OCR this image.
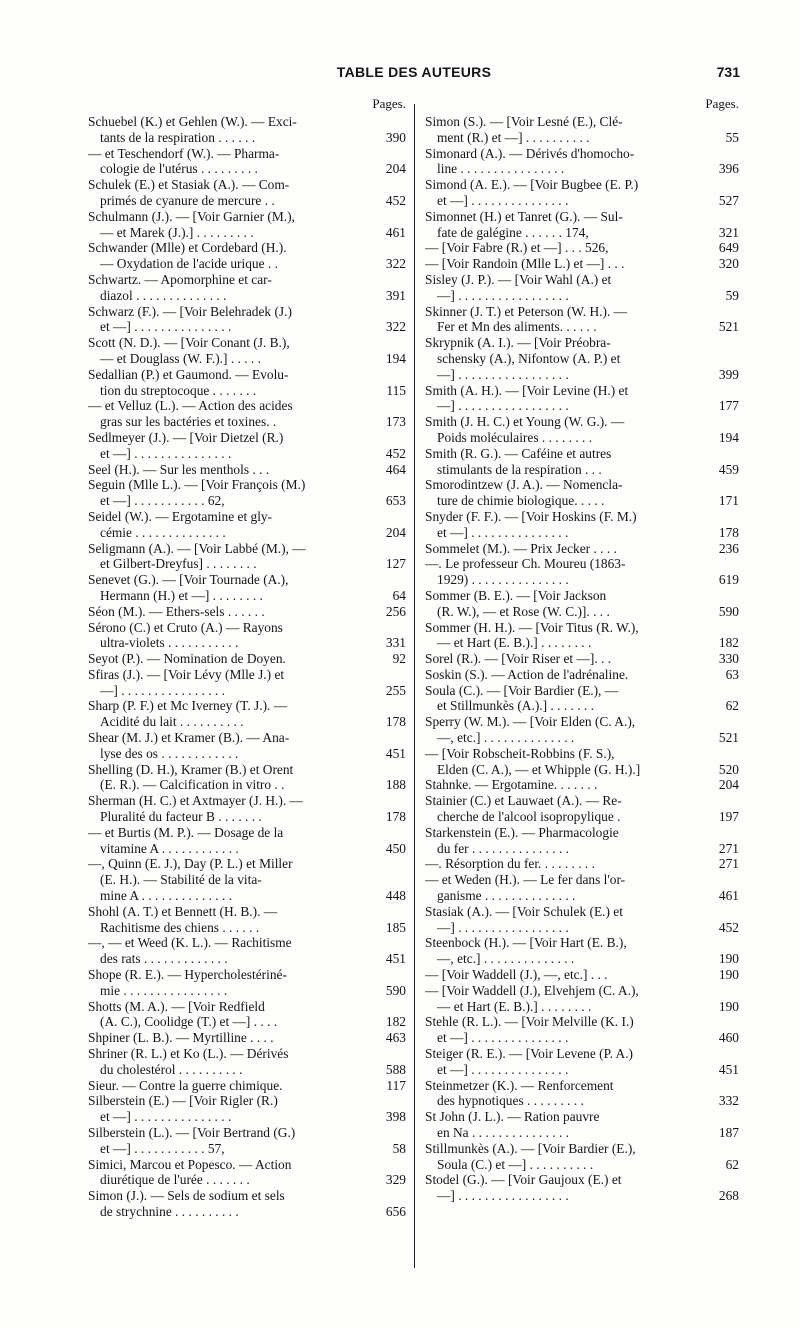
TABLE DES AUTEURS	731
Pages.
Schuebel (K.) et Gehlen (W.). — Exci-
tants de la respiration . . . . . .	390
— et Teschendorf (W.). — Pharma-
cologie de l'utérus . . . . . . . . .	204
Schulek (E.) et Stasiak (A.). — Com-
primés de cyanure de mercure . .	452
Schulmann (J.). — [Voir Garnier (M.),
— et Marek (J.).] . . . . . . . . .	461
Schwander (Mlle) et Cordebard (H.).
— Oxydation de l'acide urique . .	322
Schwartz. — Apomorphine et car-
diazol . . . . . . . . . . . . . .	391
Schwarz (F.). — [Voir Belehradek (J.)
et —] . . . . . . . . . . . . . . .	322
Scott (N. D.). — [Voir Conant (J. B.),
— et Douglass (W. F.).] . . . . .	194
Sedallian (P.) et Gaumond. — Evolu-
tion du streptocoque . . . . . . .	115
— et Velluz (L.). — Action des acides
gras sur les bactéries et toxines. .	173
Sedlmeyer (J.). — [Voir Dietzel (R.)
et —] . . . . . . . . . . . . . . .	452
Seel (H.). — Sur les menthols . . .	464
Seguin (Mlle L.). — [Voir François (M.)
et —] . . . . . . . . . . . 62,	653
Seidel (W.). — Ergotamine et gly-
cémie . . . . . . . . . . . . . .	204
Seligmann (A.). — [Voir Labbé (M.), —
et Gilbert-Dreyfus] . . . . . . . .	127
Senevet (G.). — [Voir Tournade (A.),
Hermann (H.) et —] . . . . . . . .	64
Séon (M.). — Ethers-sels . . . . . .	256
Sérono (C.) et Cruto (A.) — Rayons
ultra-violets . . . . . . . . . . .	331
Seyot (P.). — Nomination de Doyen.	92
Sfiras (J.). — [Voir Lévy (Mlle J.) et
—] . . . . . . . . . . . . . . . .	255
Sharp (P. F.) et Mc Iverney (T. J.). —
Acidité du lait . . . . . . . . . .	178
Shear (M. J.) et Kramer (B.). — Ana-
lyse des os . . . . . . . . . . . .	451
Shelling (D. H.), Kramer (B.) et Orent
(E. R.). — Calcification in vitro . .	188
Sherman (H. C.) et Axtmayer (J. H.). —
Pluralité du facteur B . . . . . . .	178
— et Burtis (M. P.). — Dosage de la
vitamine A . . . . . . . . . . . .	450
—, Quinn (E. J.), Day (P. L.) et Miller
(E. H.). — Stabilité de la vita-
mine A . . . . . . . . . . . . . .	448
Shohl (A. T.) et Bennett (H. B.). —
Rachitisme des chiens . . . . . .	185
—, — et Weed (K. L.). — Rachitisme
des rats . . . . . . . . . . . . .	451
Shope (R. E.). — Hypercholestériné-
mie . . . . . . . . . . . . . . . .	590
Shotts (M. A.). — [Voir Redfield
(A. C.), Coolidge (T.) et —] . . . .	182
Shpiner (L. B.). — Myrtilline . . . .	463
Shriner (R. L.) et Ko (L.). — Dérivés
du cholestérol . . . . . . . . . .	588
Sieur. — Contre la guerre chimique.	117
Silberstein (E.) — [Voir Rigler (R.)
et —] . . . . . . . . . . . . . . .	398
Silberstein (L.). — [Voir Bertrand (G.)
et —] . . . . . . . . . . . 57,	58
Simici, Marcou et Popesco. — Action
diurétique de l'urée . . . . . . .	329
Simon (J.). — Sels de sodium et sels
de strychnine . . . . . . . . . .	656
Pages.
Simon (S.). — [Voir Lesné (E.), Clé-
ment (R.) et —] . . . . . . . . . .	55
Simonard (A.). — Dérivés d'homocho-
line . . . . . . . . . . . . . . . .	396
Simond (A. E.). — [Voir Bugbee (E. P.)
et —] . . . . . . . . . . . . . . .	527
Simonnet (H.) et Tanret (G.). — Sul-
fate de galégine . . . . . . 174,	321
— [Voir Fabre (R.) et —] . . . 526,	649
— [Voir Randoin (Mlle L.) et —] . . .	320
Sisley (J. P.). — [Voir Wahl (A.) et
—] . . . . . . . . . . . . . . . . .	59
Skinner (J. T.) et Peterson (W. H.). —
Fer et Mn des aliments. . . . . .	521
Skrypnik (A. I.). — [Voir Préobra-
schensky (A.), Nifontow (A. P.) et
—] . . . . . . . . . . . . . . . . .	399
Smith (A. H.). — [Voir Levine (H.) et
—] . . . . . . . . . . . . . . . . .	177
Smith (J. H. C.) et Young (W. G.). —
Poids moléculaires . . . . . . . .	194
Smith (R. G.). — Caféine et autres
stimulants de la respiration . . .	459
Smorodintzew (J. A.). — Nomencla-
ture de chimie biologique. . . . .	171
Snyder (F. F.). — [Voir Hoskins (F. M.)
et —] . . . . . . . . . . . . . . .	178
Sommelet (M.). — Prix Jecker . . . .	236
—. Le professeur Ch. Moureu (1863-
1929) . . . . . . . . . . . . . . .	619
Sommer (B. E.). — [Voir Jackson
(R. W.), — et Rose (W. C.)]. . . .	590
Sommer (H. H.). — [Voir Titus (R. W.),
— et Hart (E. B.).] . . . . . . . .	182
Sorel (R.). — [Voir Riser et —]. . .	330
Soskin (S.). — Action de l'adrénaline.	63
Soula (C.). — [Voir Bardier (E.), —
et Stillmunkès (A.).] . . . . . . .	62
Sperry (W. M.). — [Voir Elden (C. A.),
—, etc.] . . . . . . . . . . . . . .	521
— [Voir Robscheit-Robbins (F. S.),
Elden (C. A.), — et Whipple (G. H.).]	520
Stahnke. — Ergotamine. . . . . . .	204
Stainier (C.) et Lauwaet (A.). — Re-
cherche de l'alcool isopropylique .	197
Starkenstein (E.). — Pharmacologie
du fer . . . . . . . . . . . . . . .	271
—. Résorption du fer. . . . . . . . .	271
— et Weden (H.). — Le fer dans l'or-
ganisme . . . . . . . . . . . . . .	461
Stasiak (A.). — [Voir Schulek (E.) et
—] . . . . . . . . . . . . . . . . .	452
Steenbock (H.). — [Voir Hart (E. B.),
—, etc.] . . . . . . . . . . . . . .	190
— [Voir Waddell (J.), —, etc.] . . .	190
— [Voir Waddell (J.), Elvehjem (C. A.),
— et Hart (E. B.).] . . . . . . . .	190
Stehle (R. L.). — [Voir Melville (K. I.)
et —] . . . . . . . . . . . . . . .	460
Steiger (R. E.). — [Voir Levene (P. A.)
et —] . . . . . . . . . . . . . . .	451
Steinmetzer (K.). — Renforcement
des hypnotiques . . . . . . . . .	332
St John (J. L.). — Ration pauvre
en Na . . . . . . . . . . . . . . .	187
Stillmunkès (A.). — [Voir Bardier (E.),
Soula (C.) et —] . . . . . . . . . .	62
Stodel (G.). — [Voir Gaujoux (E.) et
—] . . . . . . . . . . . . . . . . .	268
